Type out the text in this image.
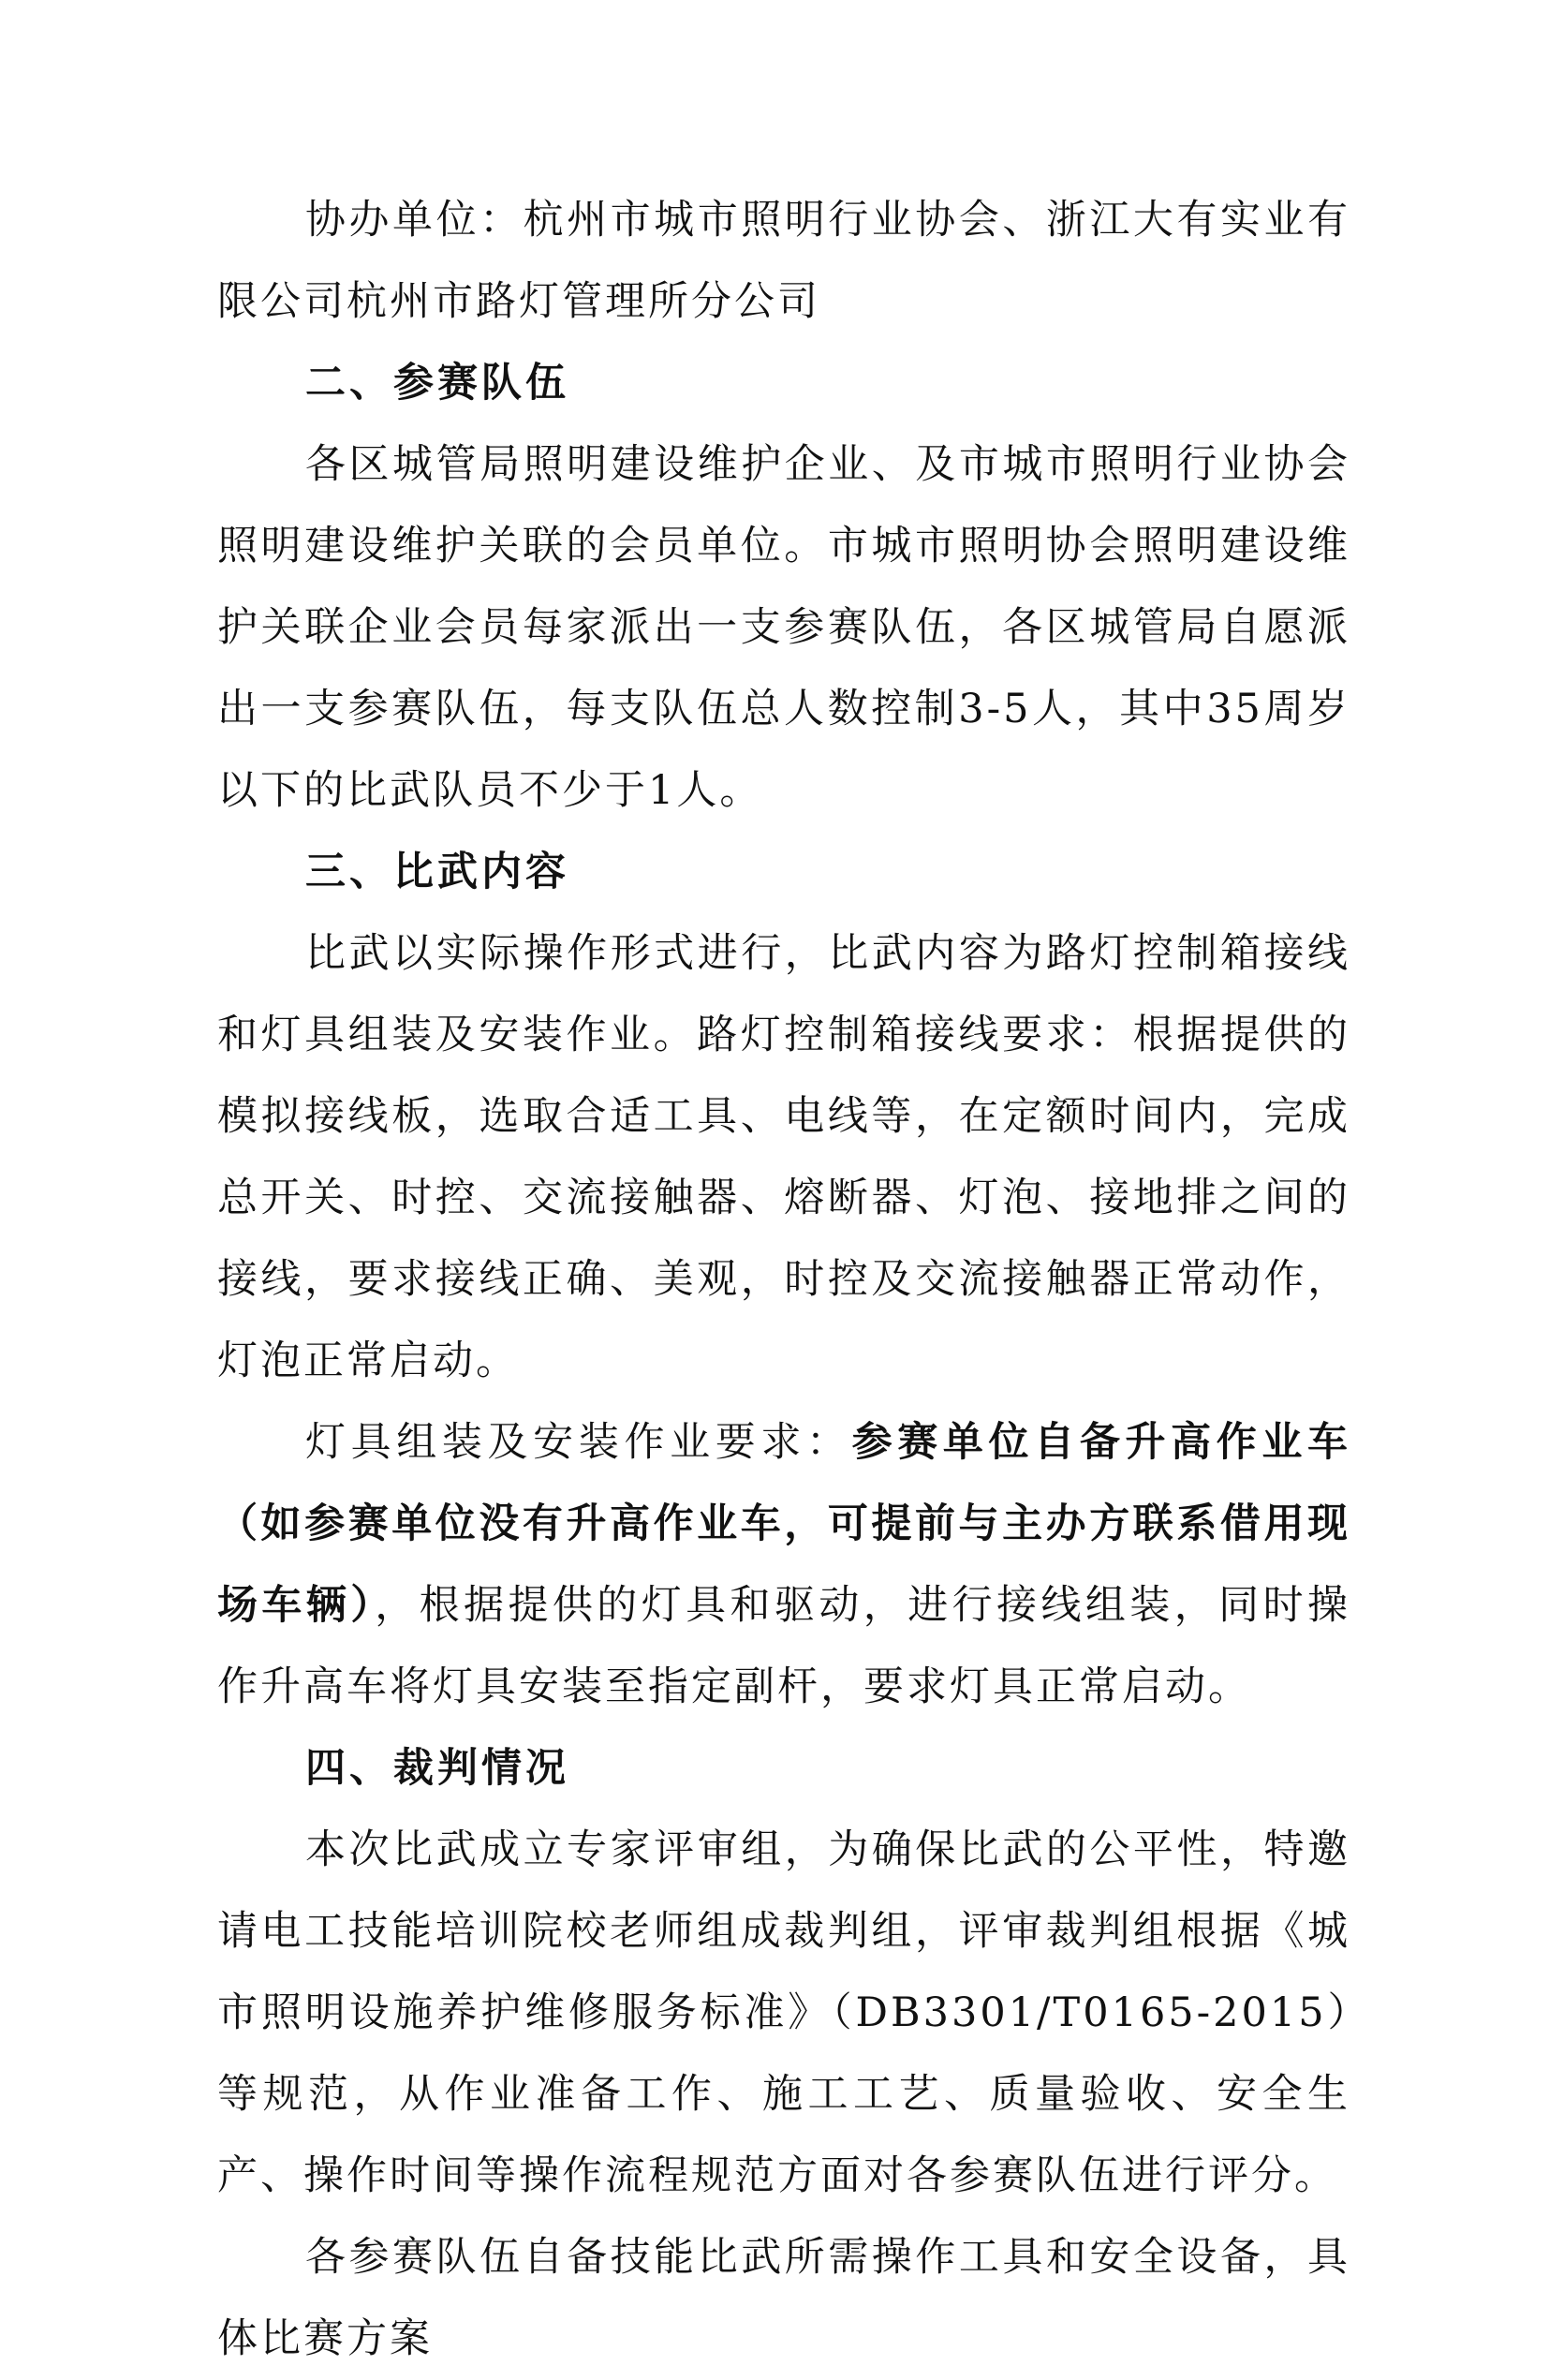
协办单位：杭州市城市照明行业协会、浙江大有实业有限公司杭州市路灯管理所分公司

二、参赛队伍

各区城管局照明建设维护企业、及市城市照明行业协会照明建设维护关联的会员单位。市城市照明协会照明建设维护关联企业会员每家派出一支参赛队伍，各区城管局自愿派出一支参赛队伍，每支队伍总人数控制3-5人，其中35周岁以下的比武队员不少于1人。

三、比武内容

比武以实际操作形式进行，比武内容为路灯控制箱接线和灯具组装及安装作业。路灯控制箱接线要求：根据提供的模拟接线板，选取合适工具、电线等，在定额时间内，完成总开关、时控、交流接触器、熔断器、灯泡、接地排之间的接线，要求接线正确、美观，时控及交流接触器正常动作，灯泡正常启动。

灯具组装及安装作业要求：参赛单位自备升高作业车（如参赛单位没有升高作业车，可提前与主办方联系借用现场车辆），根据提供的灯具和驱动，进行接线组装，同时操作升高车将灯具安装至指定副杆，要求灯具正常启动。

四、裁判情况

本次比武成立专家评审组，为确保比武的公平性，特邀请电工技能培训院校老师组成裁判组，评审裁判组根据《城市照明设施养护维修服务标准》（DB3301/T0165-2015）等规范，从作业准备工作、施工工艺、质量验收、安全生产、操作时间等操作流程规范方面对各参赛队伍进行评分。

各参赛队伍自备技能比武所需操作工具和安全设备，具体比赛方案
